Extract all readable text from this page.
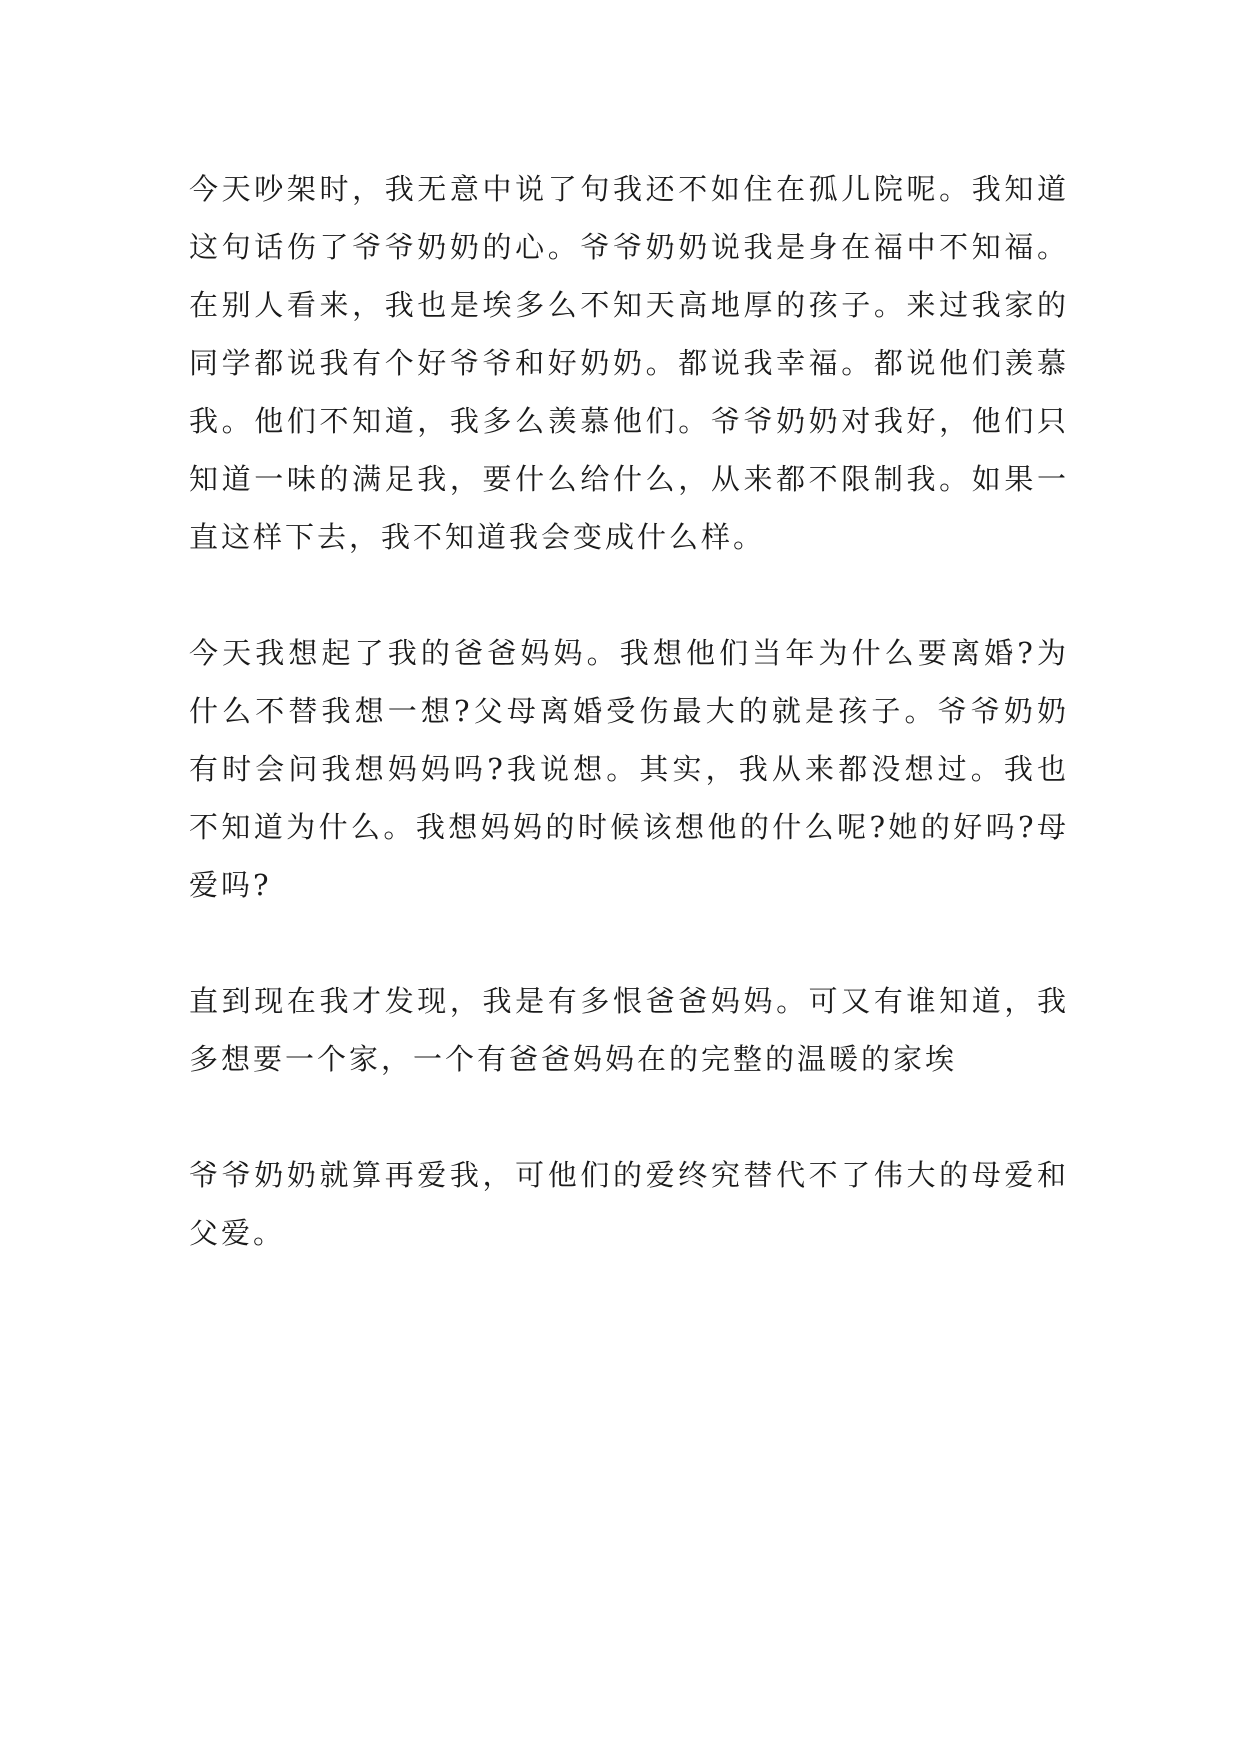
今天吵架时，我无意中说了句我还不如住在孤儿院呢。我知道这句话伤了爷爷奶奶的心。爷爷奶奶说我是身在福中不知福。在别人看来，我也是埃多么不知天高地厚的孩子。来过我家的同学都说我有个好爷爷和好奶奶。都说我幸福。都说他们羡慕我。他们不知道，我多么羡慕他们。爷爷奶奶对我好，他们只知道一味的满足我，要什么给什么，从来都不限制我。如果一直这样下去，我不知道我会变成什么样。

今天我想起了我的爸爸妈妈。我想他们当年为什么要离婚?为什么不替我想一想?父母离婚受伤最大的就是孩子。爷爷奶奶有时会问我想妈妈吗?我说想。其实，我从来都没想过。我也不知道为什么。我想妈妈的时候该想他的什么呢?她的好吗?母爱吗?

直到现在我才发现，我是有多恨爸爸妈妈。可又有谁知道，我多想要一个家，一个有爸爸妈妈在的完整的温暖的家埃

爷爷奶奶就算再爱我，可他们的爱终究替代不了伟大的母爱和父爱。
